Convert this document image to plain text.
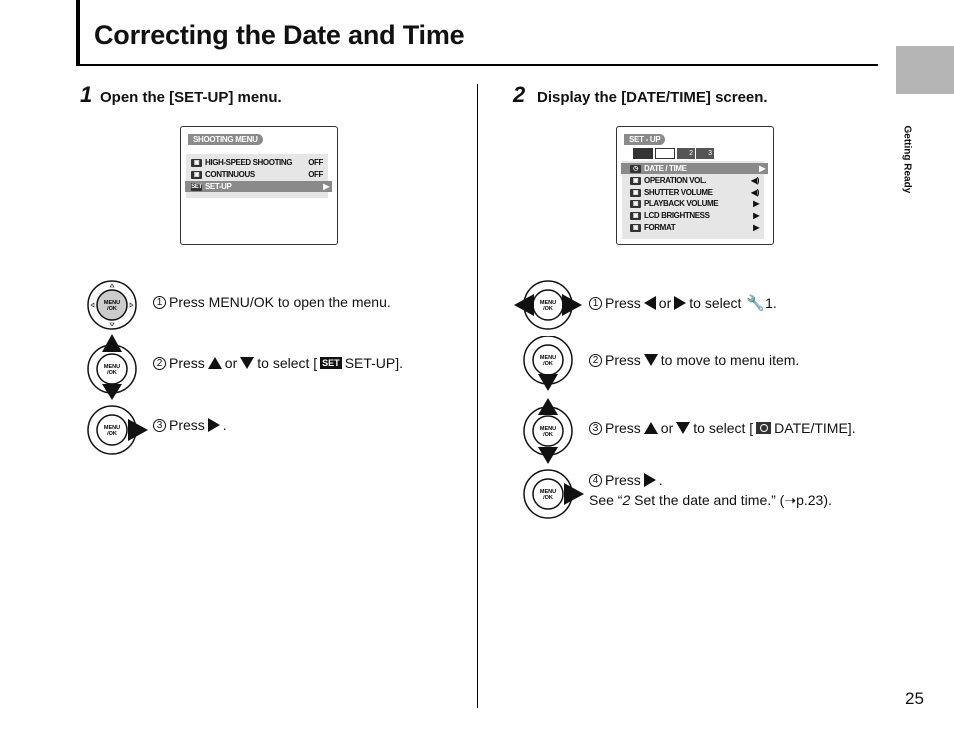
Correcting the Date and Time
Getting Ready
25
1 Open the [SET-UP] menu.
SHOOTING MENU
▣ HIGH-SPEED SHOOTING OFF
▣ CONTINUOUS	OFF
SET SET-UP	▶
MENU
/OK
1 Press MENU/OK to open the menu.
MENU
/OK
2 Press or to select [ SET SET-UP].
MENU
/OK
3 Press .
2 Display the [DATE/TIME] screen.
SET - UP
2	3
◷ DATE / TIME	▶
▣ OPERATION VOL.	◀)
▣ SHUTTER VOLUME	◀)
▣ PLAYBACK VOLUME	▶
▣ LCD BRIGHTNESS	▶
▣ FORMAT	▶
MENU
/OK
1 Press or to select 🔧 1.
MENU
/OK	2 Press to move to menu item.
MENU
/OK
3 Press or to select [ DATE/TIME].
MENU
/OK
4 Press .
See “2 Set the date and time.” (➝p.23).
